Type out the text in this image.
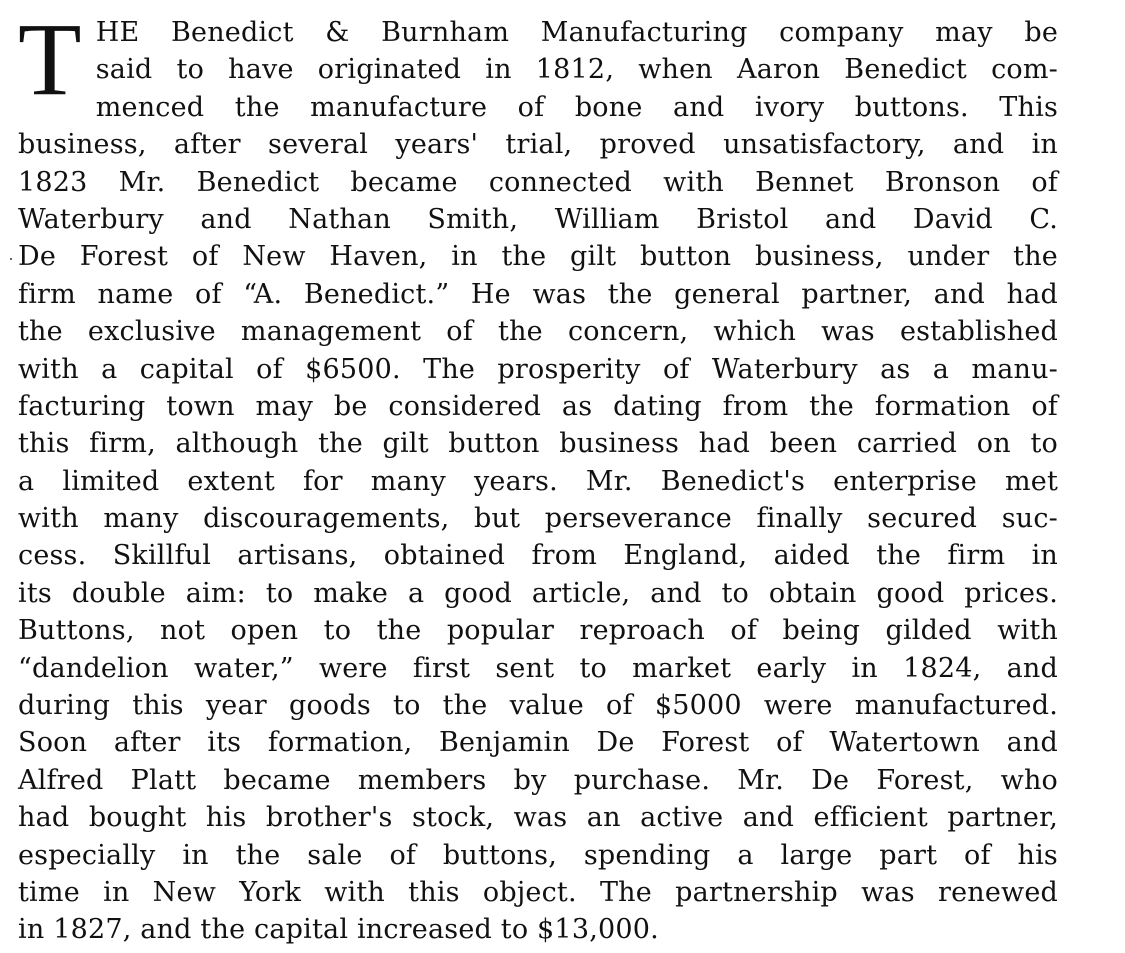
T HE Benedict & Burnham Manufacturing company may be
said to have originated in 1812, when Aaron Benedict com-
menced the manufacture of bone and ivory buttons. This
business, after several years' trial, proved unsatisfactory, and in
1823 Mr. Benedict became connected with Bennet Bronson of
Waterbury and Nathan Smith, William Bristol and David C.
De Forest of New Haven, in the gilt button business, under the
firm name of “A. Benedict.” He was the general partner, and had
the exclusive management of the concern, which was established
with a capital of $6500. The prosperity of Waterbury as a manu-
facturing town may be considered as dating from the formation of
this firm, although the gilt button business had been carried on to
a limited extent for many years. Mr. Benedict's enterprise met
with many discouragements, but perseverance finally secured suc-
cess. Skillful artisans, obtained from England, aided the firm in
its double aim: to make a good article, and to obtain good prices.
Buttons, not open to the popular reproach of being gilded with
“dandelion water,” were first sent to market early in 1824, and
during this year goods to the value of $5000 were manufactured.
Soon after its formation, Benjamin De Forest of Watertown and
Alfred Platt became members by purchase. Mr. De Forest, who
had bought his brother's stock, was an active and efficient partner,
especially in the sale of buttons, spending a large part of his
time in New York with this object. The partnership was renewed
in 1827, and the capital increased to $13,000.
